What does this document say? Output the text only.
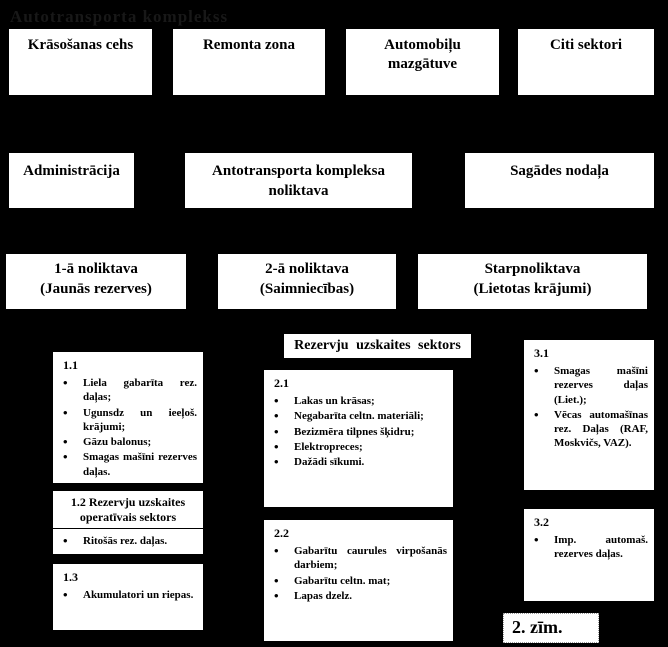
Autotransporta komplekss
Krāsošanas cehs	Remonta zona	Automobiļu mazgātuve
Citi sektori
Administrācija	Antotransporta kompleksa noliktava
Sagādes nodaļa
1-ā noliktava
(Jaunās rezerves)
2-ā noliktava
(Saimniecības)
Starpnoliktava
(Lietotas krājumi)
Rezervju uzskaites sektors
1.1
• Liela gabarīta rez. daļas;
• Ugunsdz un ieeļoš. krājumi;
• Gāzu balonus;
• Smagas mašīni rezerves daļas.
1.2 Rezervju uzskaites operatīvais sektors
• Ritošās rez. daļas.
1.3
• Akumulatori un riepas.
2.1
• Lakas un krāsas;
• Negabarīta celtn. materiāli;
• Bezizmēra tilpnes šķidru;
• Elektropreces;
• Dažādi sīkumi.
2.2
• Gabarītu caurules virpošanās darbiem;
• Gabarītu celtn. mat;
• Lapas dzelz.
3.1
• Smagas mašīni rezerves daļas (Liet.);
• Vēcas automašīnas rez. Daļas (RAF, Moskvičs, VAZ).
3.2
• Imp. automaš. rezerves daļas.
2. zīm.
